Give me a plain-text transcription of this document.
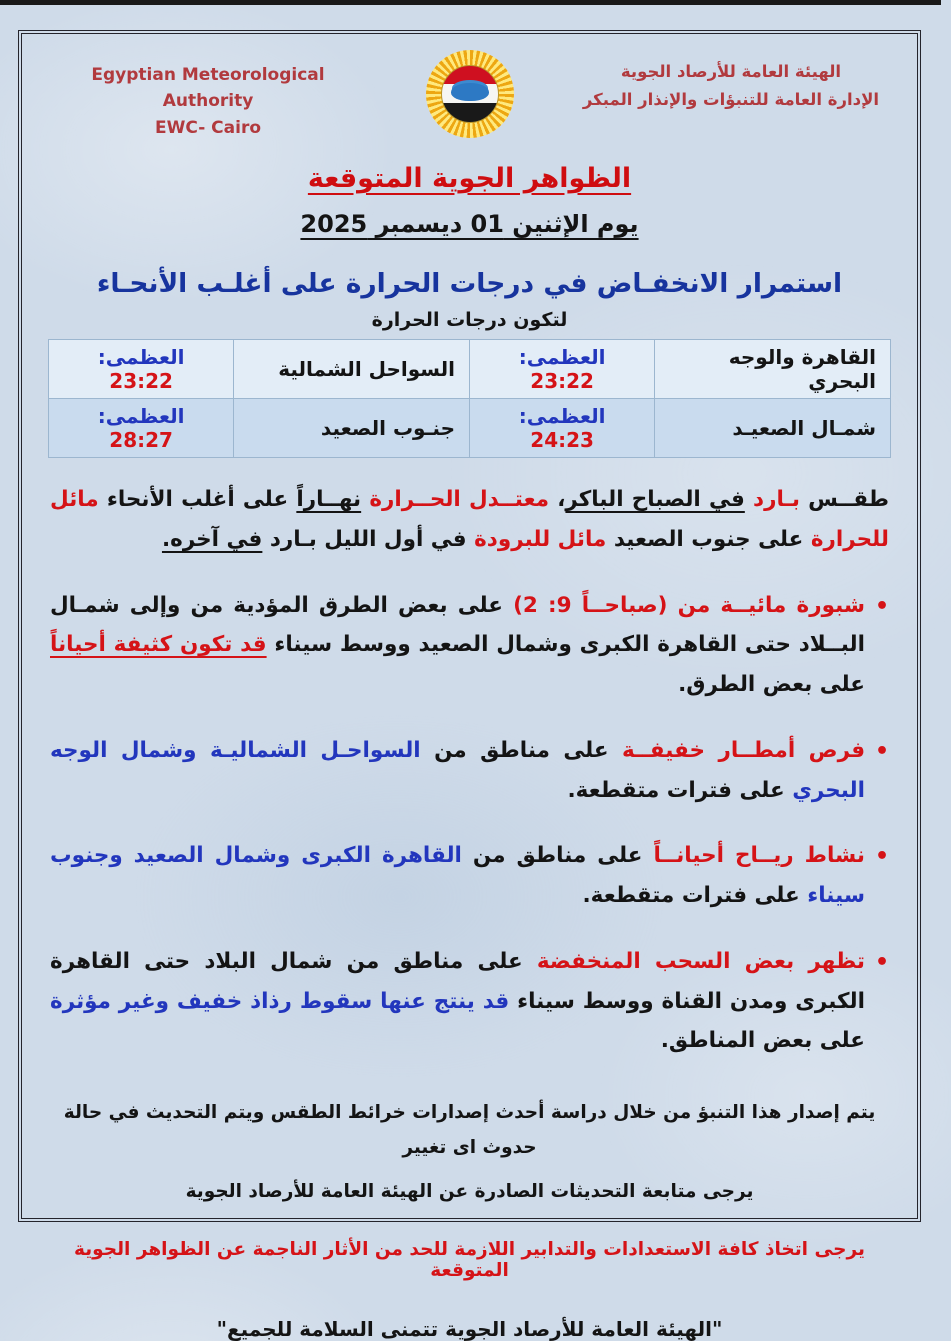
Egyptian Meteorological Authority
EWC- Cairo
الهيئة العامة للأرصاد الجوية
الإدارة العامة للتنبؤات والإنذار المبكر
الظواهر الجوية المتوقعة
يوم الإثنين 01 ديسمبر 2025
استمرار الانخفـاض في درجات الحرارة على أغلـب الأنحـاء
لتكون درجات الحرارة
القاهرة والوجه البحري	العظمى: 23:22	السواحل الشمالية	العظمى: 23:22
شمـال الصعيـد	العظمى: 24:23	جنـوب الصعيد	العظمى: 28:27
طقــس بـارد في الصباح الباكر، معتــدل الحــرارة نهــاراً على أغلب الأنحاء مائل للحرارة على جنوب الصعيد مائل للبرودة في أول الليل بـارد في آخره.
•
شبورة مائيــة من (2 :9 صباحــاً) على بعض الطرق المؤدية من وإلى شمـال البــلاد حتى القاهرة الكبرى وشمال الصعيد ووسط سيناء قد تكون كثيفة أحياناً على بعض الطرق.
•
فرص أمطــار خفيفــة على مناطق من السواحـل الشماليـة وشمال الوجه البحري على فترات متقطعة.
•
نشاط ريــاح أحيانــاً على مناطق من القاهرة الكبرى وشمال الصعيد وجنوب سيناء على فترات متقطعة.
•
تظهر بعض السحب المنخفضة على مناطق من شمال البلاد حتى القاهرة الكبرى ومدن القناة ووسط سيناء قد ينتج عنها سقوط رذاذ خفيف وغير مؤثرة على بعض المناطق.
يتم إصدار هذا التنبؤ من خلال دراسة أحدث إصدارات خرائط الطقس ويتم التحديث في حالة حدوث اى تغيير
يرجى متابعة التحديثات الصادرة عن الهيئة العامة للأرصاد الجوية
يرجى اتخاذ كافة الاستعدادات والتدابير اللازمة للحد من الأثار الناجمة عن الظواهر الجوية المتوقعة
"الهيئة العامة للأرصاد الجوية تتمنى السلامة للجميع"
